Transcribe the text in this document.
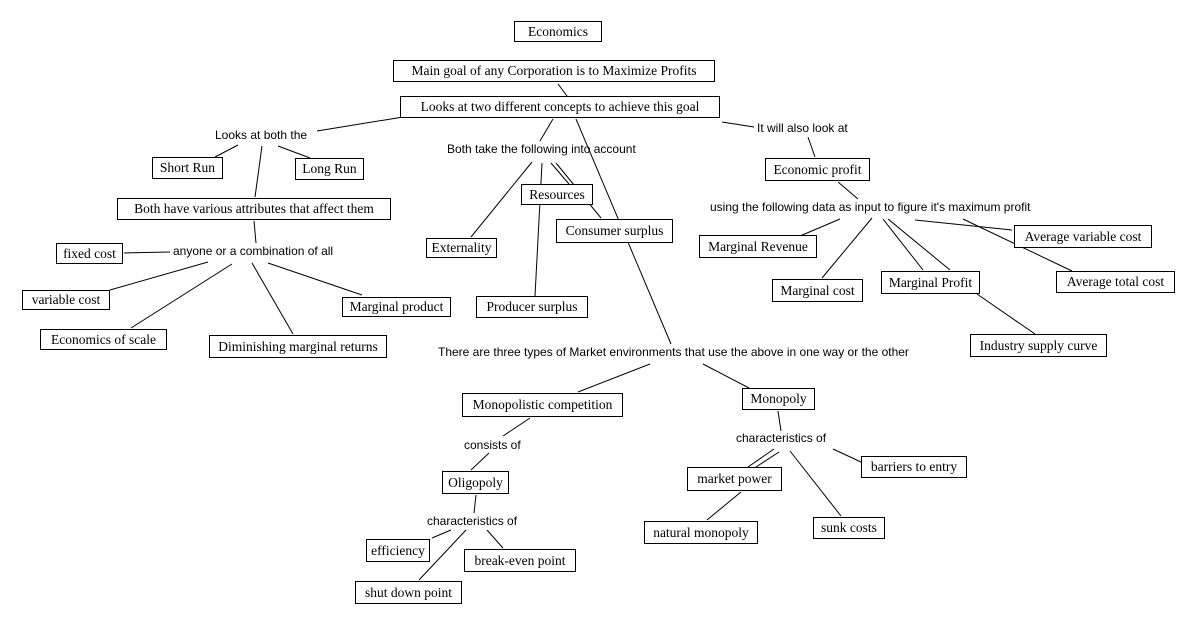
Economics
Main goal of any Corporation is to Maximize Profits
Looks at two different concepts to achieve this goal
Short Run	Long Run
Both have various attributes that affect them
fixed cost
variable cost
Economics of scale	Diminishing marginal returns
Marginal product
Externality
Resources
Consumer surplus
Producer surplus
Economic profit
Marginal Revenue
Marginal cost
Marginal Profit
Average variable cost
Average total cost
Industry supply curve
Monopolistic competition	Monopoly
Oligopoly
efficiency
break-even point
shut down point
market power
barriers to entry
natural monopoly	sunk costs
Looks at both the
Both take the following into account
It will also look at
using the following data as input to figure it's maximum profit
anyone or a combination of all
There are three types of Market environments that use the above in one way or the other
consists of
characteristics of
characteristics of
